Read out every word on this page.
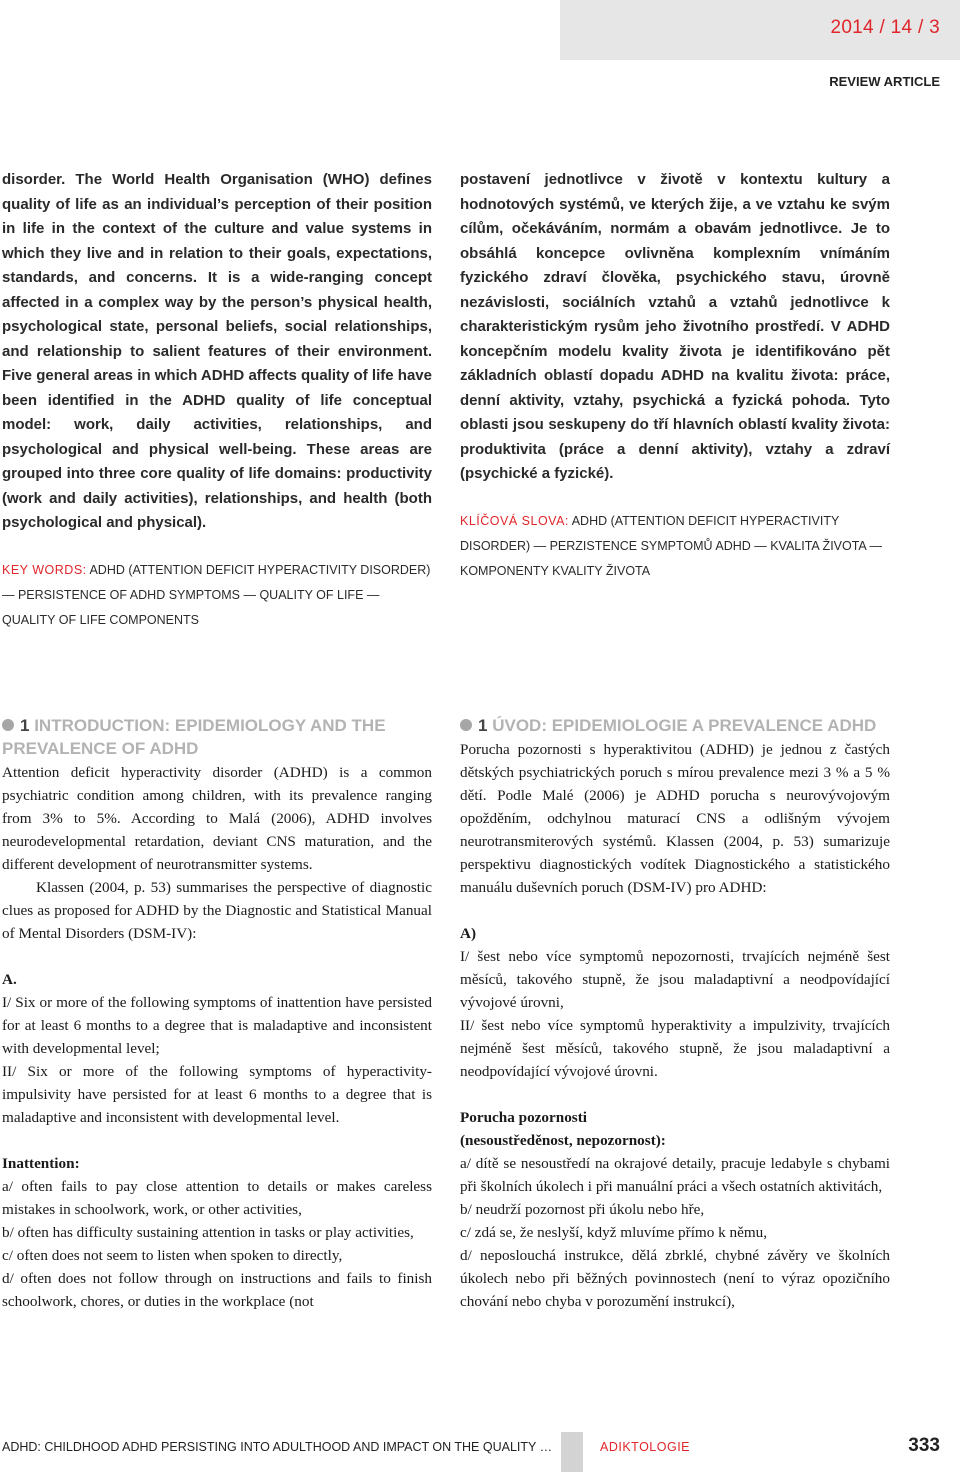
2014 / 14 / 3
REVIEW ARTICLE

disorder. The World Health Organisation (WHO) defines quality of life as an individual’s perception of their position in life in the context of the culture and value systems in which they live and in relation to their goals, expectations, standards, and concerns. It is a wide-ranging concept affected in a complex way by the person’s physical health, psychological state, personal beliefs, social relationships, and relationship to salient features of their environment. Five general areas in which ADHD affects quality of life have been identified in the ADHD quality of life conceptual model: work, daily activities, relationships, and psychological and physical well-being. These areas are grouped into three core quality of life domains: productivity (work and daily activities), relationships, and health (both psychological and physical).

KEY WORDS: ADHD (ATTENTION DEFICIT HYPERACTIVITY DISORDER) — PERSISTENCE OF ADHD SYMPTOMS — QUALITY OF LIFE — QUALITY OF LIFE COMPONENTS

postavení jednotlivce v životě v kontextu kultury a hodnotových systémů, ve kterých žije, a ve vztahu ke svým cílům, očekáváním, normám a obavám jednotlivce. Je to obsáhlá koncepce ovlivněna komplexním vnímáním fyzického zdraví člověka, psychického stavu, úrovně nezávislosti, sociálních vztahů a vztahů jednotlivce k charakteristickým rysům jeho životního prostředí. V ADHD koncepčním modelu kvality života je identifikováno pět základních oblastí dopadu ADHD na kvalitu života: práce, denní aktivity, vztahy, psychická a fyzická pohoda. Tyto oblasti jsou seskupeny do tří hlavních oblastí kvality života: produktivita (práce a denní aktivity), vztahy a zdraví (psychické a fyzické).

KLÍČOVÁ SLOVA: ADHD (ATTENTION DEFICIT HYPERACTIVITY DISORDER) — PERZISTENCE SYMPTOMŮ ADHD — KVALITA ŽIVOTA — KOMPONENTY KVALITY ŽIVOTA
1 INTRODUCTION: EPIDEMIOLOGY AND THE PREVALENCE OF ADHD

Attention deficit hyperactivity disorder (ADHD) is a common psychiatric condition among children, with its prevalence ranging from 3% to 5%. According to Malá (2006), ADHD involves neurodevelopmental retardation, deviant CNS maturation, and the different development of neurotransmitter systems.

Klassen (2004, p. 53) summarises the perspective of diagnostic clues as proposed for ADHD by the Diagnostic and Statistical Manual of Mental Disorders (DSM-IV):

A.

I/ Six or more of the following symptoms of inattention have persisted for at least 6 months to a degree that is maladaptive and inconsistent with developmental level;

II/ Six or more of the following symptoms of hyperactivity-impulsivity have persisted for at least 6 months to a degree that is maladaptive and inconsistent with developmental level.

Inattention:

a/ often fails to pay close attention to details or makes careless mistakes in schoolwork, work, or other activities,

b/ often has difficulty sustaining attention in tasks or play activities,

c/ often does not seem to listen when spoken to directly,

d/ often does not follow through on instructions and fails to finish schoolwork, chores, or duties in the workplace (not

1 ÚVOD: EPIDEMIOLOGIE A PREVALENCE ADHD

Porucha pozornosti s hyperaktivitou (ADHD) je jednou z častých dětských psychiatrických poruch s mírou prevalence mezi 3 % a 5 % dětí. Podle Malé (2006) je ADHD porucha s neurovývojovým opožděním, odchylnou maturací CNS a odlišným vývojem neurotransmiterových systémů. Klassen (2004, p. 53) sumarizuje perspektivu diagnostických vodítek Diagnostického a statistického manuálu duševních poruch (DSM-IV) pro ADHD:

A)

I/ šest nebo více symptomů nepozornosti, trvajících nejméně šest měsíců, takového stupně, že jsou maladaptivní a neodpovídající vývojové úrovni,

II/ šest nebo více symptomů hyperaktivity a impulzivity, trvajících nejméně šest měsíců, takového stupně, že jsou maladaptivní a neodpovídající vývojové úrovni.

Porucha pozornosti

(nesoustředěnost, nepozornost):

a/ dítě se nesoustředí na okrajové detaily, pracuje ledabyle s chybami při školních úkolech i při manuální práci a všech ostatních aktivitách,

b/ neudrží pozornost při úkolu nebo hře,

c/ zdá se, že neslyší, když mluvíme přímo k němu,

d/ neposlouchá instrukce, dělá zbrklé, chybné závěry ve školních úkolech nebo při běžných povinnostech (není to výraz opozičního chování nebo chyba v porozumění instrukcí),

ADHD: CHILDHOOD ADHD PERSISTING INTO ADULTHOOD AND IMPACT ON THE QUALITY …	ADIKTOLOGIE	333
